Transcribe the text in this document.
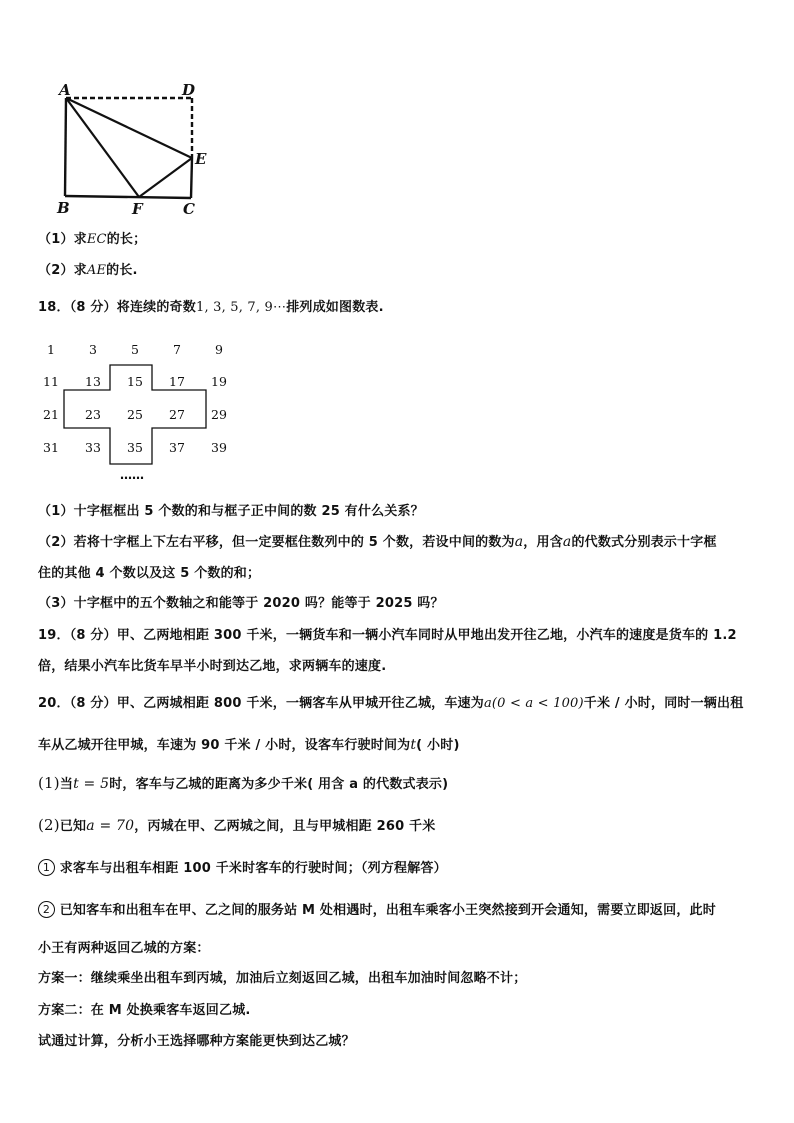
A	D
E
B	F	C
（1）求EC的长；
（2）求AE的长.
18．（8 分）将连续的奇数1, 3, 5, 7, 9⋯排列成如图数表.
1	3	5	7	9
11	13	15	17	19
21	23	25	27	29
31	33	35	37	39
……
（1）十字框框出 5 个数的和与框子正中间的数 25 有什么关系？
（2）若将十字框上下左右平移，但一定要框住数列中的 5 个数，若设中间的数为a，用含a的代数式分别表示十字框
住的其他 4 个数以及这 5 个数的和；
（3）十字框中的五个数轴之和能等于 2020 吗？能等于 2025 吗？
19．（8 分）甲、乙两地相距 300 千米，一辆货车和一辆小汽车同时从甲地出发开往乙地，小汽车的速度是货车的 1.2
倍，结果小汽车比货车早半小时到达乙地，求两辆车的速度.
20．（8 分）甲、乙两城相距 800 千米，一辆客车从甲城开往乙城，车速为a(0 < a < 100)千米 / 小时，同时一辆出租
车从乙城开往甲城，车速为 90 千米 / 小时，设客车行驶时间为t( 小时)
(1)当t = 5时，客车与乙城的距离为多少千米( 用含 a 的代数式表示)
(2)已知a = 70，丙城在甲、乙两城之间，且与甲城相距 260 千米
1 求客车与出租车相距 100 千米时客车的行驶时间；（列方程解答）
2 已知客车和出租车在甲、乙之间的服务站 M 处相遇时，出租车乘客小王突然接到开会通知，需要立即返回，此时
小王有两种返回乙城的方案：
方案一：继续乘坐出租车到丙城，加油后立刻返回乙城，出租车加油时间忽略不计；
方案二：在 M 处换乘客车返回乙城.
试通过计算，分析小王选择哪种方案能更快到达乙城？
